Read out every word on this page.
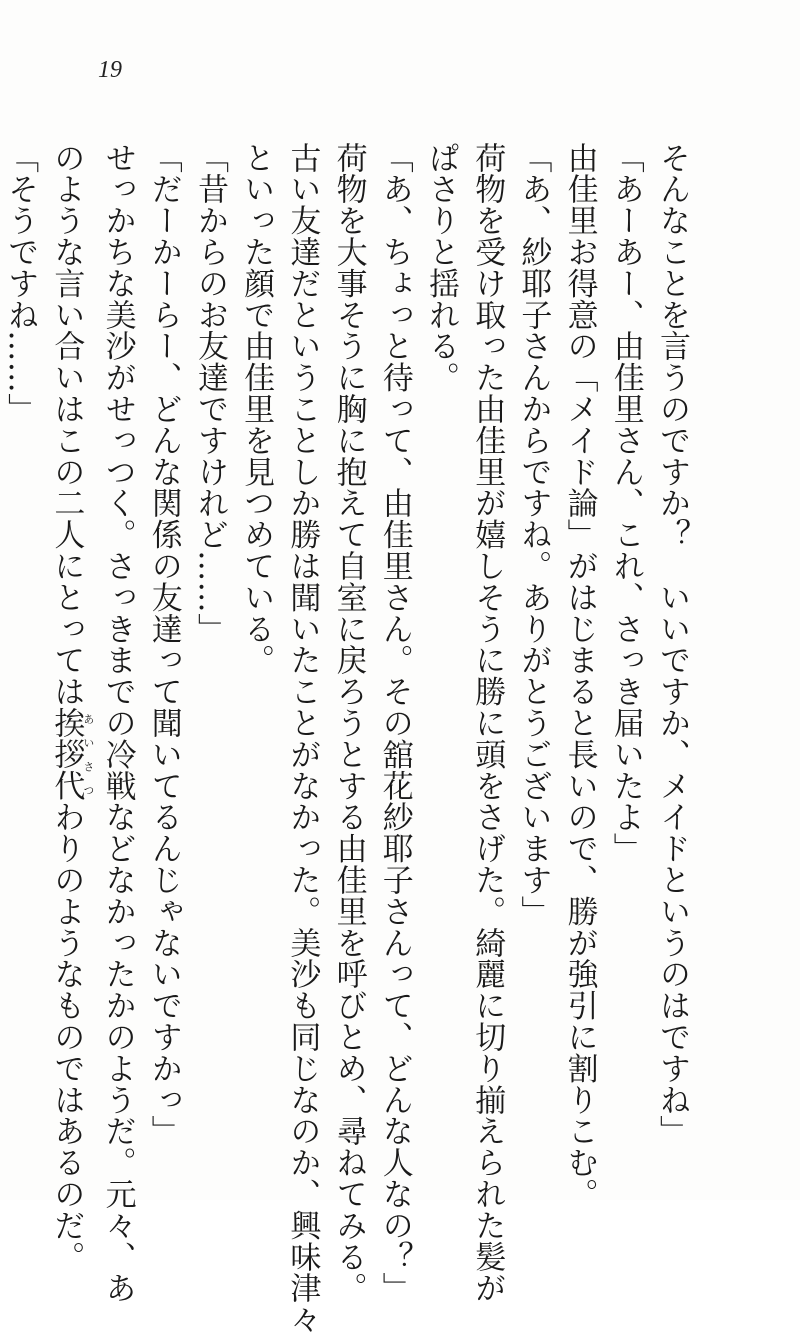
19

そんなことを言うのですか？　いいですか、メイドというのはですね」

「あーあー、由佳里さん、これ、さっき届いたよ」

由佳里お得意の「メイド論」がはじまると長いので、勝が強引に割りこむ。

「あ、紗耶子さんからですね。ありがとうございます」

荷物を受け取った由佳里が嬉しそうに勝に頭をさげた。綺麗に切り揃えられた髪が

ぱさりと揺れる。

「あ、ちょっと待って、由佳里さん。その舘花紗耶子さんって、どんな人なの？」

荷物を大事そうに胸に抱えて自室に戻ろうとする由佳里を呼びとめ、尋ねてみる。

古い友達だということしか勝は聞いたことがなかった。美沙も同じなのか、興味津々

といった顔で由佳里を見つめている。

「昔からのお友達ですけれど……」

「だーかーらー、どんな関係の友達って聞いてるんじゃないですかっ」

せっかちな美沙がせっつく。さっきまでの冷戦などなかったかのようだ。元々、あ

のような言い合いはこの二人にとっては挨拶代あいさつわりのようなものではあるのだ。

「そうですね……」
